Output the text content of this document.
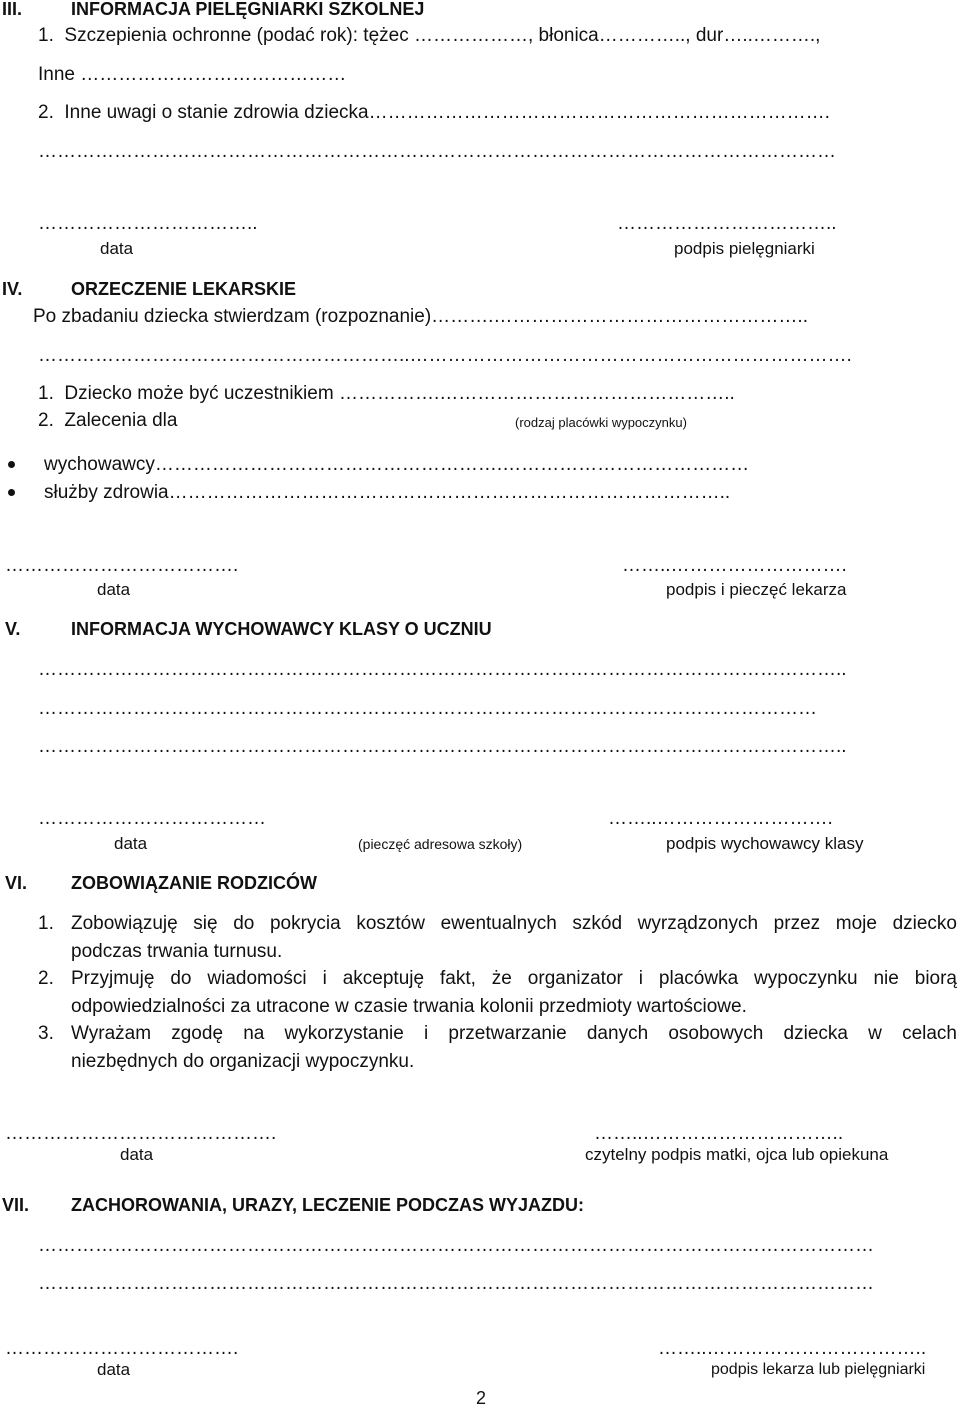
III.	INFORMACJA PIELĘGNIARKI SZKOLNEJ
1.  Szczepienia ochronne (podać rok): tężec ………………, błonica………….., dur…..……….,
Inne ……………………………………
2.  Inne uwagi o stanie zdrowia dziecka……………………………………………………………….
………………………………………………………………………………………………………………
……………………………..	……………………………..
data	podpis pielęgniarki
IV.	ORZECZENIE LEKARSKIE
Po zbadaniu dziecka stwierdzam (rozpoznanie)……….…………………………………………..
…………………………………………………..…………………………………………………………….
1.  Dziecko może być uczestnikiem …………….………………………………………..
2.  Zalecenia dla	(rodzaj placówki wypoczynku)
wychowawcy……………………………………………….…………………………………
służby zdrowia……………………………………………………………………………..
……………………………….	……..……………………….
data	podpis i pieczęć lekarza
V.	INFORMACJA WYCHOWAWCY KLASY O UCZNIU
………………………………………………………………………………………………………………..
……………………………………………………………………………………………………………
………………………………………………………………………………………………………………..
………………………………	……..……………………….
data	(pieczęć adresowa szkoły)	podpis wychowawcy klasy
VI. ZOBOWIĄZANIE RODZICÓW
1. Zobowiązuję się do pokrycia kosztów ewentualnych szkód wyrządzonych przez moje dziecko
podczas trwania turnusu.
2. Przyjmuję do wiadomości i akceptuję fakt, że organizator i placówka wypoczynku nie biorą
odpowiedzialności za utracone w czasie trwania kolonii przedmioty wartościowe.
3. Wyrażam zgodę na wykorzystanie i przetwarzanie danych osobowych dziecka w celach
niezbędnych do organizacji wypoczynku.
…………………………………….	……..…………………………..
data	czytelny podpis matki, ojca lub opiekuna
VII. ZACHOROWANIA, URAZY, LECZENIE PODCZAS WYJAZDU:
……………………………………………………………………………………………………………………
……………………………………………………………………………………………………………………
……………………………….	……..……………………………..
data	podpis lekarza lub pielęgniarki
2
